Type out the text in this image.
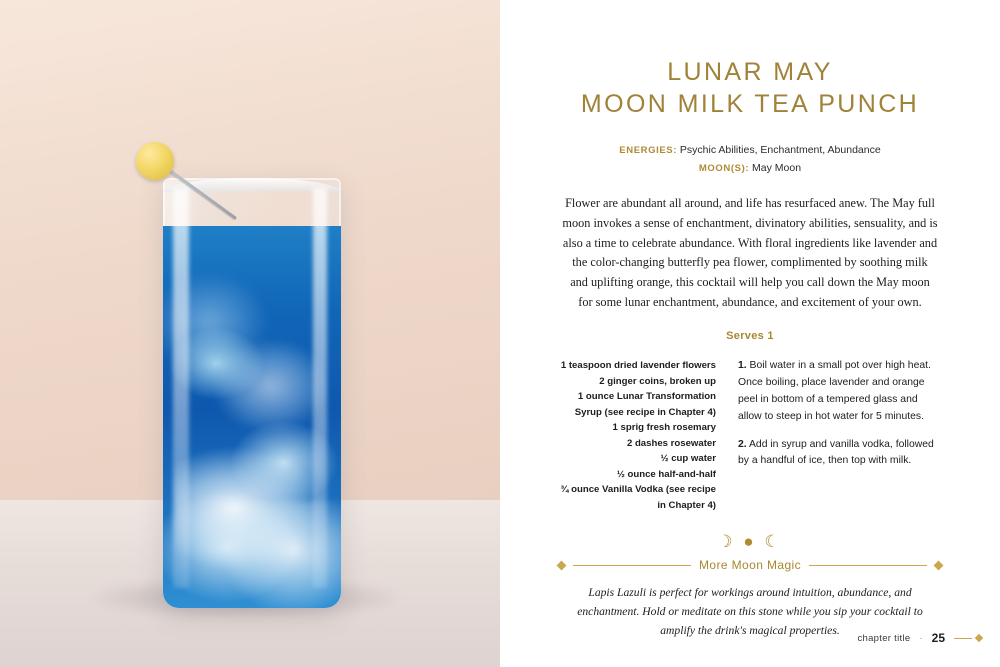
LUNAR MAY
MOON MILK TEA PUNCH
ENERGIES: Psychic Abilities, Enchantment, Abundance
MOON(S): May Moon
Flower are abundant all around, and life has resurfaced anew. The May full moon invokes a sense of enchantment, divinatory abilities, sensuality, and is also a time to celebrate abundance. With floral ingredients like lavender and the color-changing butterfly pea flower, complimented by soothing milk and uplifting orange, this cocktail will help you call down the May moon for some lunar enchantment, abundance, and excitement of your own.
Serves 1
1 teaspoon dried lavender flowers
2 ginger coins, broken up
1 ounce Lunar Transformation
Syrup (see recipe in Chapter 4)
1 sprig fresh rosemary
2 dashes rosewater
½ cup water
½ ounce half-and-half
¾ ounce Vanilla Vodka (see recipe
in Chapter 4)

1. Boil water in a small pot over high heat. Once boiling, place lavender and orange peel in bottom of a tempered glass and allow to steep in hot water for 5 minutes.

2. Add in syrup and vanilla vodka, followed by a handful of ice, then top with milk.

☽ ● ☾
More Moon Magic
Lapis Lazuli is perfect for workings around intuition, abundance, and enchantment. Hold or meditate on this stone while you sip your cocktail to amplify the drink's magical properties.
chapter title · 25
